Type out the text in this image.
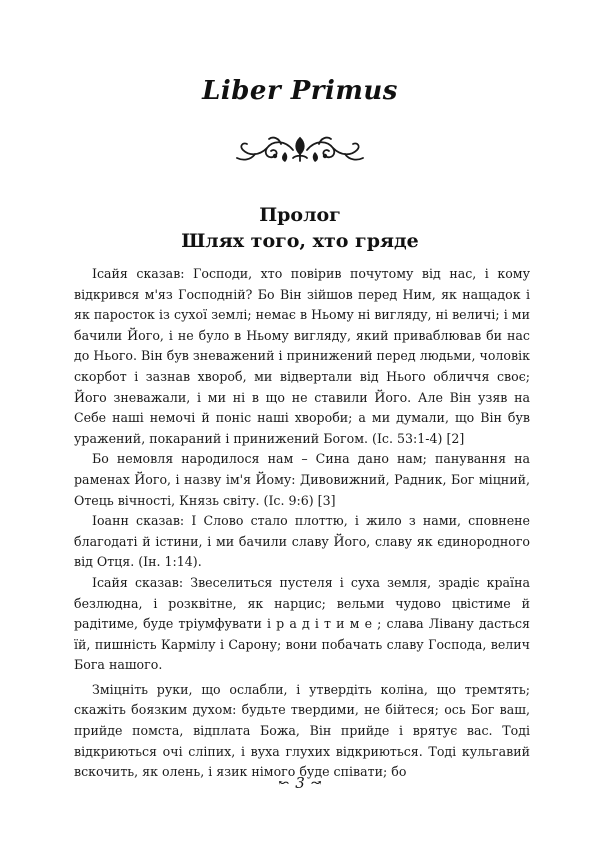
Liber Primus
Пролог
Шлях того, хто гряде

Ісайя сказав: Господи, хто повірив почутому від нас, і кому відкрився м'яз Господній? Бо Він зійшов перед Ним, як нащадок і як паросток із сухої землі; немає в Ньому ні вигляду, ні величі; і ми бачили Його, і не було в Ньому вигляду, який приваблював би нас до Нього. Він був зневажений і принижений перед людьми, чоловік скорбот і зазнав хвороб, ми відвертали від Нього обличчя своє; Його зневажали, і ми ні в що не ставили Його. Але Він узяв на Себе наші немочі й поніс наші хвороби; а ми думали, що Він був уражений, покараний і принижений Богом. (Іс. 53:1-4) [2]

Бо немовля народилося нам – Сина дано нам; панування на раменах Його, і назву ім'я Йому: Дивовижний, Радник, Бог міцний, Отець вічності, Князь світу. (Іс. 9:6) [3]

Іоанн сказав: І Слово стало плоттю, і жило з нами, сповнене благодаті й істини, і ми бачили славу Його, славу як єдинородного від Отця. (Ін. 1:14).

Ісайя сказав: Звеселиться пустеля і суха земля, зрадіє країна безлюдна, і розквітне, як нарцис; вельми чудово цвістиме й радітиме, буде тріумфувати і р а д і т и м е ; слава Лівану дасться їй, пишність Кармілу і Сарону; вони побачать славу Господа, велич Бога нашого.

Зміцніть руки, що ослабли, і утвердіть коліна, що тремтять; скажіть боязким духом: будьте твердими, не бійтеся; ось Бог ваш, прийде помста, відплата Божа, Він прийде і врятує вас. Тоді відкриються очі сліпих, і вуха глухих відкриються. Тоді кульгавий вскочить, як олень, і язик німого буде співати; бо

↜ 3 ↝
